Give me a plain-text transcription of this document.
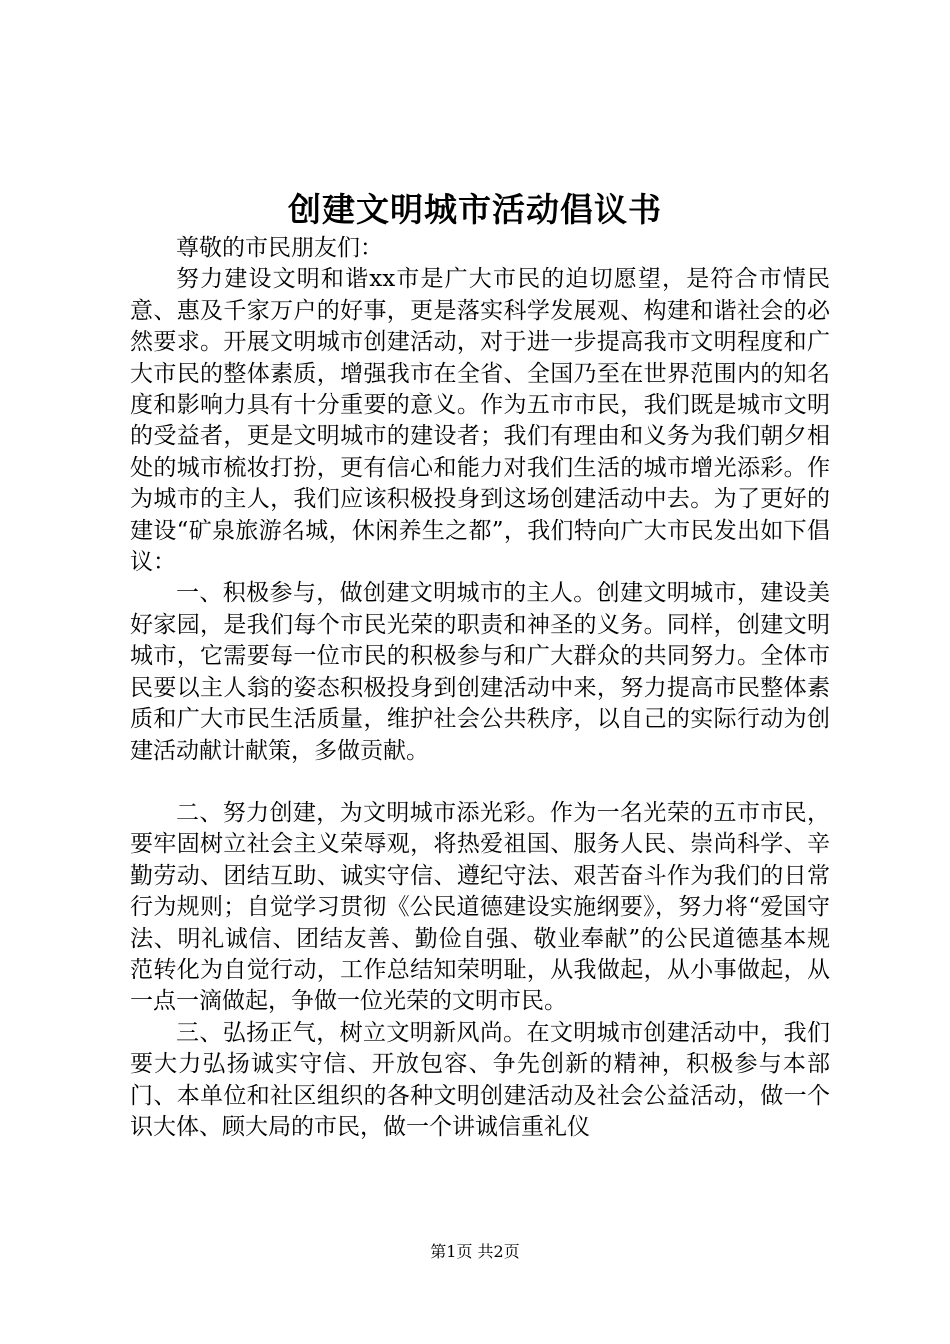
创建文明城市活动倡议书

尊敬的市民朋友们：

努力建设文明和谐xx市是广大市民的迫切愿望，是符合市情民意、惠及千家万户的好事，更是落实科学发展观、构建和谐社会的必然要求。开展文明城市创建活动，对于进一步提高我市文明程度和广大市民的整体素质，增强我市在全省、全国乃至在世界范围内的知名度和影响力具有十分重要的意义。作为五市市民，我们既是城市文明的受益者，更是文明城市的建设者；我们有理由和义务为我们朝夕相处的城市梳妆打扮，更有信心和能力对我们生活的城市增光添彩。作为城市的主人，我们应该积极投身到这场创建活动中去。为了更好的建设“矿泉旅游名城，休闲养生之都”，我们特向广大市民发出如下倡议：

一、积极参与，做创建文明城市的主人。创建文明城市，建设美好家园，是我们每个市民光荣的职责和神圣的义务。同样，创建文明城市，它需要每一位市民的积极参与和广大群众的共同努力。全体市民要以主人翁的姿态积极投身到创建活动中来，努力提高市民整体素质和广大市民生活质量，维护社会公共秩序，以自己的实际行动为创建活动献计献策，多做贡献。

二、努力创建，为文明城市添光彩。作为一名光荣的五市市民，要牢固树立社会主义荣辱观，将热爱祖国、服务人民、崇尚科学、辛勤劳动、团结互助、诚实守信、遵纪守法、艰苦奋斗作为我们的日常行为规则；自觉学习贯彻《公民道德建设实施纲要》，努力将“爱国守法、明礼诚信、团结友善、勤俭自强、敬业奉献”的公民道德基本规范转化为自觉行动，工作总结知荣明耻，从我做起，从小事做起，从一点一滴做起，争做一位光荣的文明市民。

三、弘扬正气，树立文明新风尚。在文明城市创建活动中，我们要大力弘扬诚实守信、开放包容、争先创新的精神，积极参与本部门、本单位和社区组织的各种文明创建活动及社会公益活动，做一个识大体、顾大局的市民，做一个讲诚信重礼仪

第1页 共2页
